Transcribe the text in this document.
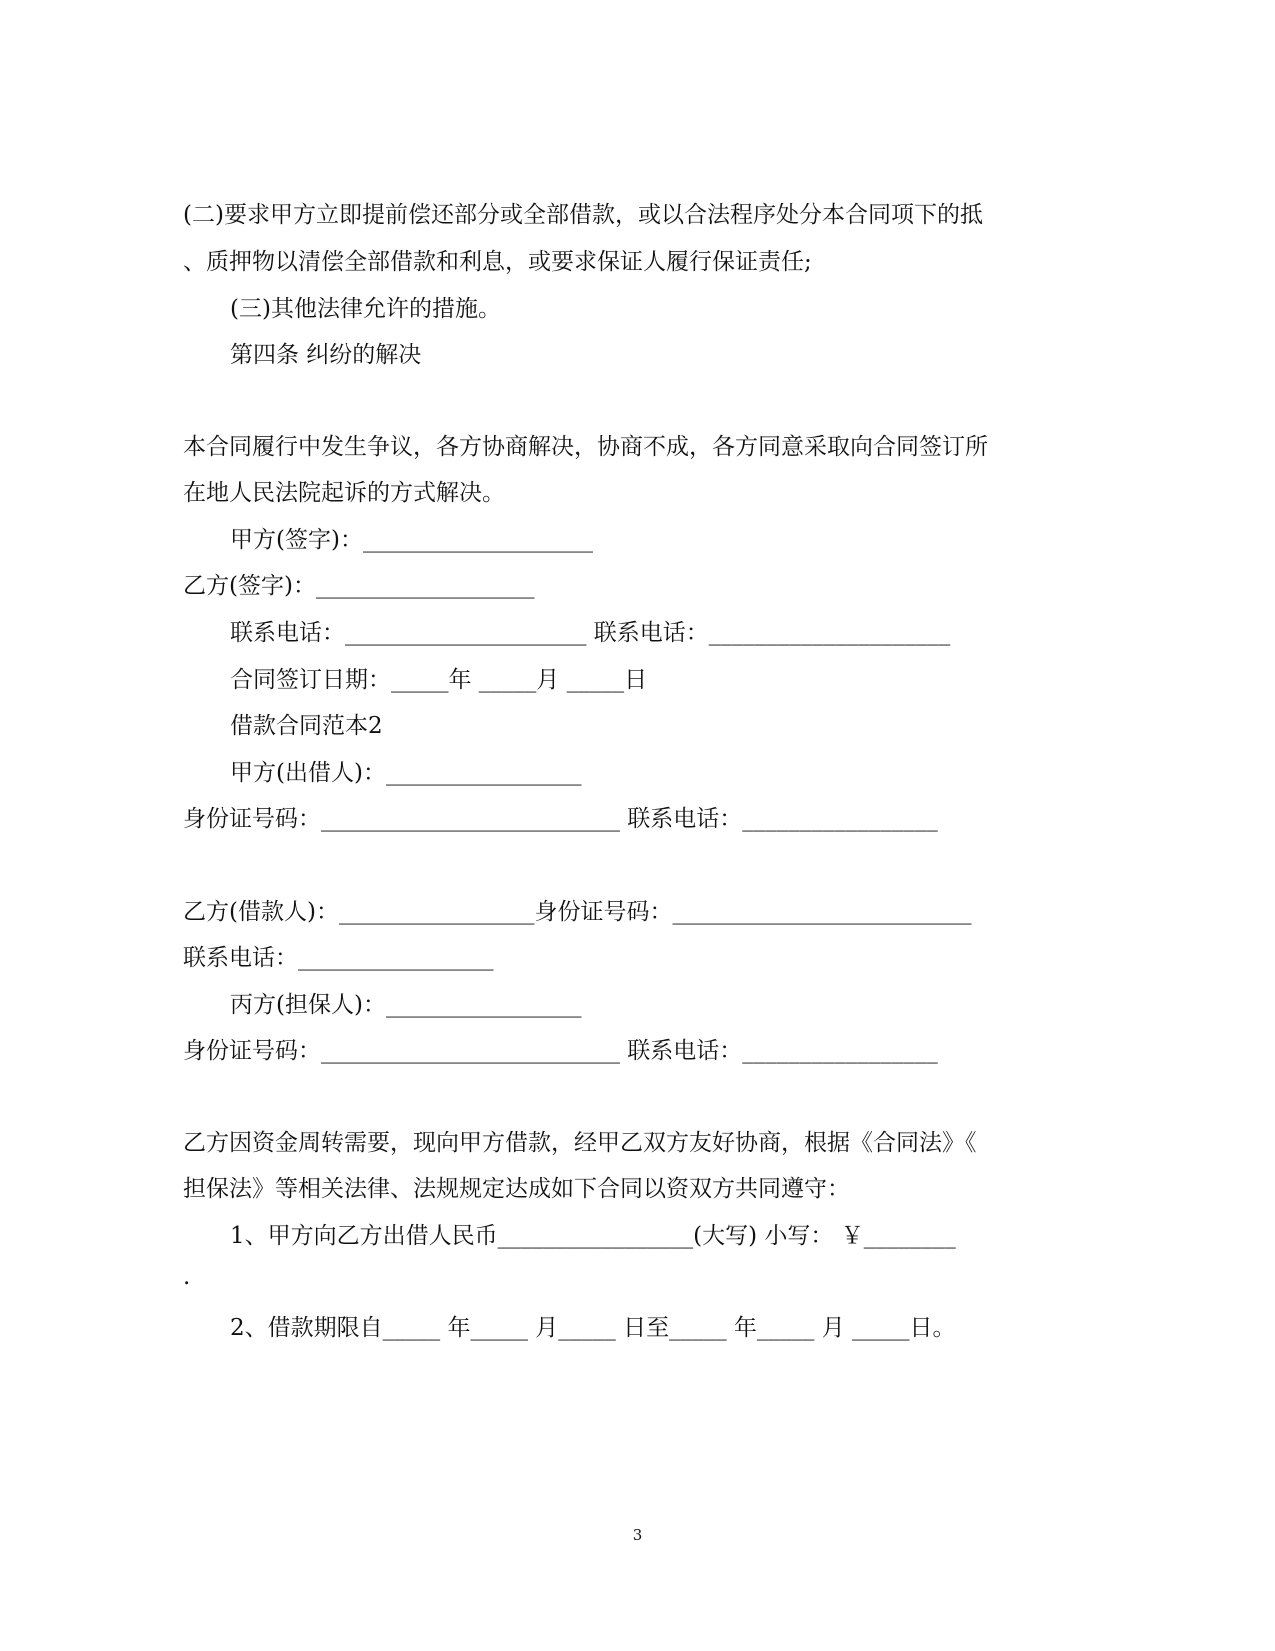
(二)要求甲方立即提前偿还部分或全部借款，或以合法程序处分本合同项下的抵
、质押物以清偿全部借款和利息，或要求保证人履行保证责任;
(三)其他法律允许的措施。
第四条 纠纷的解决
本合同履行中发生争议，各方协商解决，协商不成，各方同意采取向合同签订所
在地人民法院起诉的方式解决。
甲方(签字)：____________________
乙方(签字)：___________________
联系电话：_____________________ 联系电话：_____________________
合同签订日期：_____年 _____月 _____日
借款合同范本2
甲方(出借人)：_________________
身份证号码：__________________________ 联系电话：_________________
乙方(借款人)：_________________身份证号码：__________________________
联系电话：_________________
丙方(担保人)：_________________
身份证号码：__________________________ 联系电话：_________________
乙方因资金周转需要，现向甲方借款，经甲乙双方友好协商，根据《合同法》《
担保法》等相关法律、法规规定达成如下合同以资双方共同遵守：
1、甲方向乙方出借人民币_________________(大写) 小写： ￥________
.
2、借款期限自_____ 年_____ 月_____ 日至_____ 年_____ 月 _____日。
3
